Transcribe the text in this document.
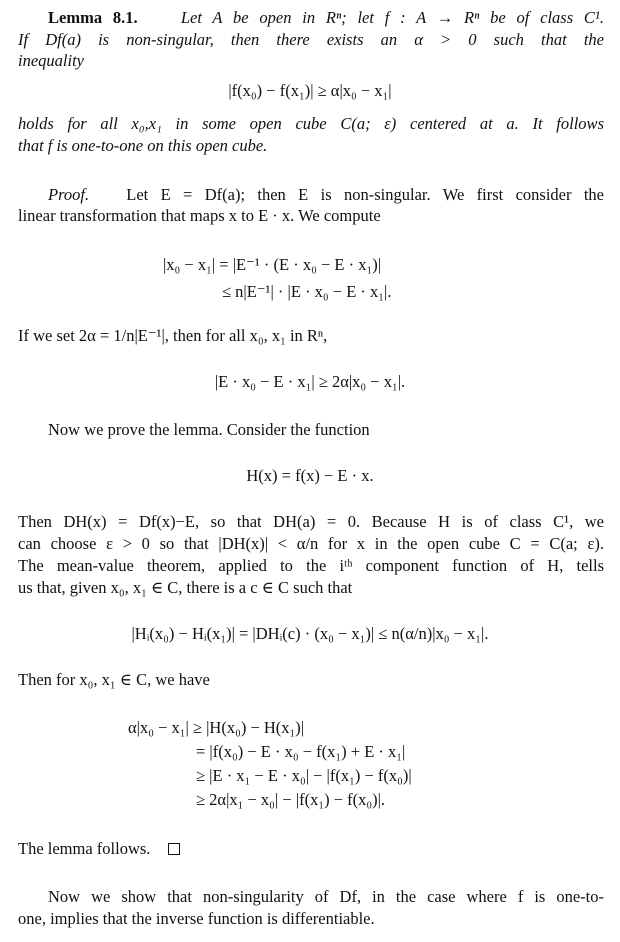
Lemma 8.1.	Let A be open in Rⁿ; let f : A → Rⁿ be of class C¹.
If Df(a) is non-singular, then there exists an α > 0 such that the
inequality
|f(x₀) − f(x₁)| ≥ α|x₀ − x₁|
holds for all x₀,x₁ in some open cube C(a; ε) centered at a. It follows
that f is one-to-one on this open cube.
Proof. Let E = Df(a); then E is non-singular. We first consider the
linear transformation that maps x to E · x. We compute
|x₀ − x₁| = |E⁻¹ · (E · x₀ − E · x₁)|
≤ n|E⁻¹| · |E · x₀ − E · x₁|.
If we set 2α = 1/n|E⁻¹|, then for all x₀, x₁ in Rⁿ,
|E · x₀ − E · x₁| ≥ 2α|x₀ − x₁|.
Now we prove the lemma. Consider the function
H(x) = f(x) − E · x.
Then DH(x) = Df(x)−E, so that DH(a) = 0. Because H is of class C¹, we
can choose ε > 0 so that |DH(x)| < α/n for x in the open cube C = C(a; ε).
The mean-value theorem, applied to the iᵗʰ component function of H, tells
us that, given x₀, x₁ ∈ C, there is a c ∈ C such that
|Hᵢ(x₀) − Hᵢ(x₁)| = |DHᵢ(c) · (x₀ − x₁)| ≤ n(α/n)|x₀ − x₁|.
Then for x₀, x₁ ∈ C, we have
α|x₀ − x₁| ≥ |H(x₀) − H(x₁)|
= |f(x₀) − E · x₀ − f(x₁) + E · x₁|
≥ |E · x₁ − E · x₀| − |f(x₁) − f(x₀)|
≥ 2α|x₁ − x₀| − |f(x₁) − f(x₀)|.
The lemma follows.
Now we show that non-singularity of Df, in the case where f is one-to-
one, implies that the inverse function is differentiable.
